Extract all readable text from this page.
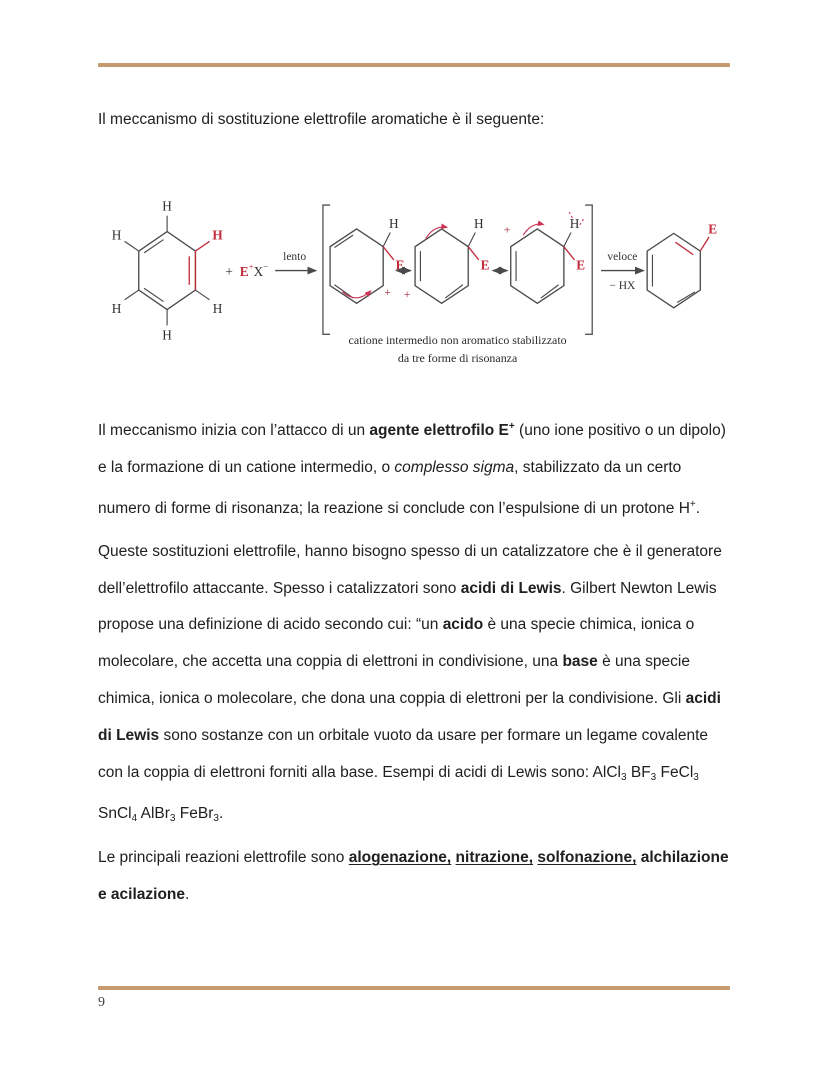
Il meccanismo di sostituzione elettrofile aromatiche è il seguente:

H
H
H
H	H
H
+ E+X−
lento
H
E
+
H
E
+
+	H
E
veloce
− HX
E
catione intermedio non aromatico stabilizzato
da tre forme di risonanza

Il meccanismo inizia con l’attacco di un agente elettrofilo E+ (uno ione positivo o un dipolo) e la formazione di un catione intermedio, o complesso sigma, stabilizzato da un certo numero di forme di risonanza; la reazione si conclude con l’espulsione di un protone H+.

Queste sostituzioni elettrofile, hanno bisogno spesso di un catalizzatore che è il generatore dell’elettrofilo attaccante. Spesso i catalizzatori sono acidi di Lewis. Gilbert Newton Lewis propose una definizione di acido secondo cui: “un acido è una specie chimica, ionica o molecolare, che accetta una coppia di elettroni in condivisione, una base è una specie chimica, ionica o molecolare, che dona una coppia di elettroni per la condivisione. Gli acidi di Lewis sono sostanze con un orbitale vuoto da usare per formare un legame covalente con la coppia di elettroni forniti alla base. Esempi di acidi di Lewis sono: AlCl$_3$ $BF_3$ FeCl$_3$ SnCl$_4$ AlBr$_3$ FeBr$_3$.

Le principali reazioni elettrofile sono alogenazione, nitrazione, solfonazione, alchilazione e acilazione.

9
